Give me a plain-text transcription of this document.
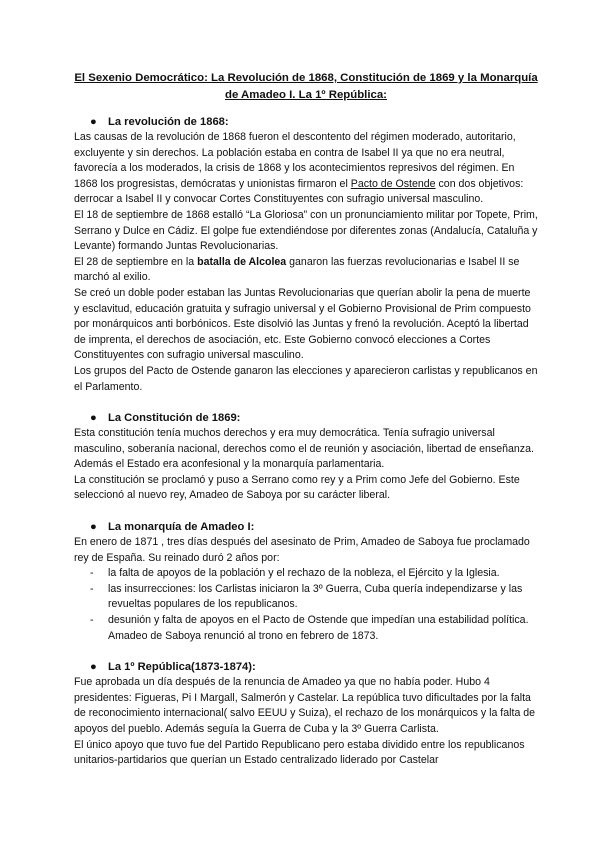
El Sexenio Democrático: La Revolución de 1868, Constitución de 1869 y la Monarquía de Amadeo I. La 1º República:
● La revolución de 1868:

Las causas de la revolución de 1868 fueron el descontento del régimen moderado, autoritario, excluyente y sin derechos. La población estaba en contra de Isabel II ya que no era neutral, favorecía a los moderados, la crisis de 1868 y los acontecimientos represivos del régimen. En 1868 los progresistas, demócratas y unionistas firmaron el Pacto de Ostende con dos objetivos: derrocar a Isabel II y convocar Cortes Constituyentes con sufragio universal masculino.

El 18 de septiembre de 1868 estalló “La Gloriosa” con un pronunciamiento militar por Topete, Prim, Serrano y Dulce en Cádiz. El golpe fue extendiéndose por diferentes zonas (Andalucía, Cataluña y Levante) formando Juntas Revolucionarias.

El 28 de septiembre en la batalla de Alcolea ganaron las fuerzas revolucionarias e Isabel II se marchó al exilio.

Se creó un doble poder estaban las Juntas Revolucionarias que querían abolir la pena de muerte y esclavitud, educación gratuita y sufragio universal y el Gobierno Provisional de Prim compuesto por monárquicos anti borbónicos. Este disolvió las Juntas y frenó la revolución. Aceptó la libertad de imprenta, el derechos de asociación, etc. Este Gobierno convocó elecciones a Cortes Constituyentes con sufragio universal masculino.

Los grupos del Pacto de Ostende ganaron las elecciones y aparecieron carlistas y republicanos en el Parlamento.

● La Constitución de 1869:

Esta constitución tenía muchos derechos y era muy democrática. Tenía sufragio universal masculino, soberanía nacional, derechos como el de reunión y asociación, libertad de enseñanza. Además el Estado era aconfesional y la monarquía parlamentaria.

La constitución se proclamó y puso a Serrano como rey y a Prim como Jefe del Gobierno. Este seleccionó al nuevo rey, Amadeo de Saboya por su carácter liberal.

● La monarquía de Amadeo I:

En enero de 1871 , tres días después del asesinato de Prim, Amadeo de Saboya fue proclamado rey de España. Su reinado duró 2 años por:

- la falta de apoyos de la población y el rechazo de la nobleza, el Ejército y la Iglesia.
- las insurrecciones: los Carlistas iniciaron la 3º Guerra, Cuba quería independizarse y las revueltas populares de los republicanos.
- desunión y falta de apoyos en el Pacto de Ostende que impedían una estabilidad política. Amadeo de Saboya renunció al trono en febrero de 1873.
● La 1º República(1873-1874):

Fue aprobada un día después de la renuncia de Amadeo ya que no había poder. Hubo 4 presidentes: Figueras, Pi I Margall, Salmerón y Castelar. La república tuvo dificultades por la falta de reconocimiento internacional( salvo EEUU y Suiza), el rechazo de los monárquicos y la falta de apoyos del pueblo. Además seguía la Guerra de Cuba y la 3º Guerra Carlista.

El único apoyo que tuvo fue del Partido Republicano pero estaba dividido entre los republicanos unitarios-partidarios que querían un Estado centralizado liderado por Castelar
